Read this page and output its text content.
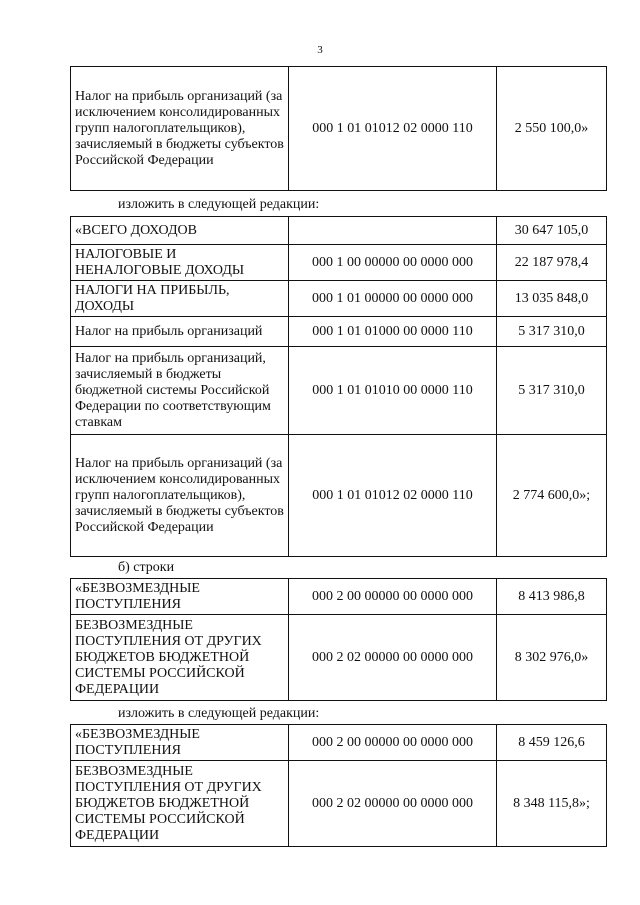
3
Налог на прибыль организаций (за исключением консолидированных групп налогоплательщиков), зачисляемый в бюджеты субъектов Российской Федерации	000 1 01 01012 02 0000 110	2 550 100,0»
изложить в следующей редакции:
«ВСЕГО ДОХОДОВ		30 647 105,0
НАЛОГОВЫЕ И НЕНАЛОГОВЫЕ ДОХОДЫ	000 1 00 00000 00 0000 000	22 187 978,4
НАЛОГИ НА ПРИБЫЛЬ, ДОХОДЫ	000 1 01 00000 00 0000 000	13 035 848,0
Налог на прибыль организаций	000 1 01 01000 00 0000 110	5 317 310,0
Налог на прибыль организаций, зачисляемый в бюджеты бюджетной системы Российской Федерации по соответствующим ставкам	000 1 01 01010 00 0000 110	5 317 310,0
Налог на прибыль организаций (за исключением консолидированных групп налогоплательщиков), зачисляемый в бюджеты субъектов Российской Федерации	000 1 01 01012 02 0000 110	2 774 600,0»;
б) строки
«БЕЗВОЗМЕЗДНЫЕ ПОСТУПЛЕНИЯ	000 2 00 00000 00 0000 000	8 413 986,8
БЕЗВОЗМЕЗДНЫЕ ПОСТУПЛЕНИЯ ОТ ДРУГИХ БЮДЖЕТОВ БЮДЖЕТНОЙ СИСТЕМЫ РОССИЙСКОЙ ФЕДЕРАЦИИ	000 2 02 00000 00 0000 000	8 302 976,0»
изложить в следующей редакции:
«БЕЗВОЗМЕЗДНЫЕ ПОСТУПЛЕНИЯ	000 2 00 00000 00 0000 000	8 459 126,6
БЕЗВОЗМЕЗДНЫЕ ПОСТУПЛЕНИЯ ОТ ДРУГИХ БЮДЖЕТОВ БЮДЖЕТНОЙ СИСТЕМЫ РОССИЙСКОЙ ФЕДЕРАЦИИ	000 2 02 00000 00 0000 000	8 348 115,8»;
